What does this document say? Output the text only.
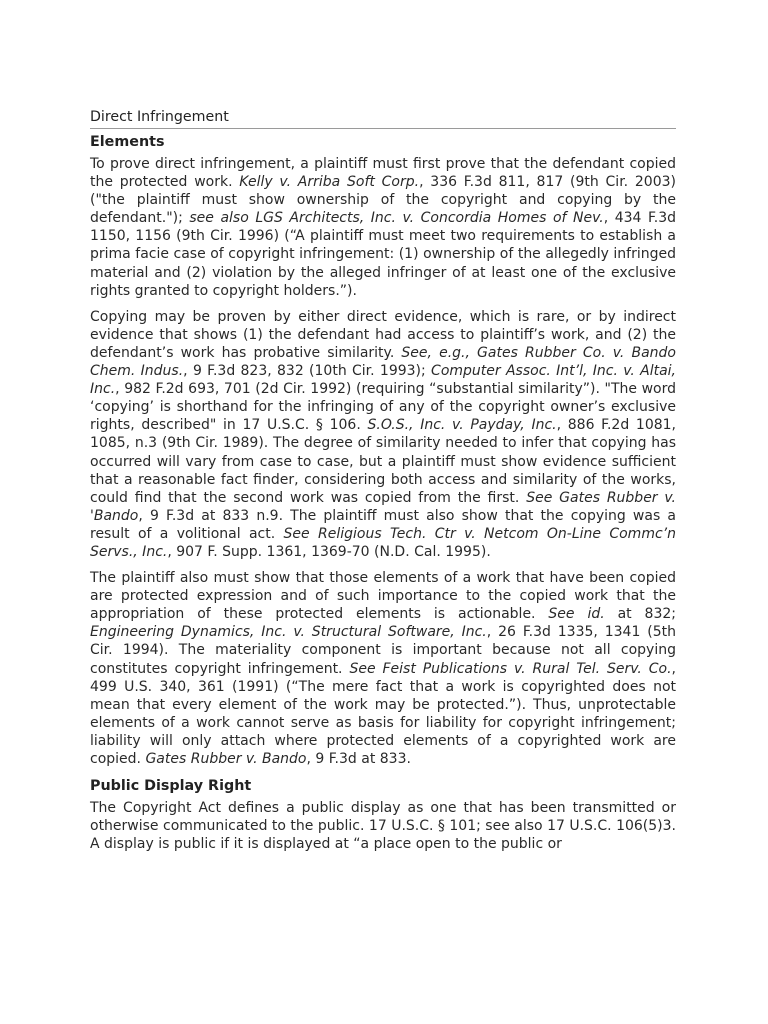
Direct Infringement
Elements

To prove direct infringement, a plaintiff must first prove that the defendant copied the protected work. Kelly v. Arriba Soft Corp., 336 F.3d 811, 817 (9th Cir. 2003) ("the plaintiff must show ownership of the copyright and copying by the defendant."); see also LGS Architects, Inc. v. Concordia Homes of Nev., 434 F.3d 1150, 1156 (9th Cir. 1996) (“A plaintiff must meet two requirements to establish a prima facie case of copyright infringement: (1) ownership of the allegedly infringed material and (2) violation by the alleged infringer of at least one of the exclusive rights granted to copyright holders.”).

Copying may be proven by either direct evidence, which is rare, or by indirect evidence that shows (1) the defendant had access to plaintiff’s work, and (2) the defendant’s work has probative similarity. See, e.g., Gates Rubber Co. v. Bando Chem. Indus., 9 F.3d 823, 832 (10th Cir. 1993); Computer Assoc. Int’l, Inc. v. Altai, Inc., 982 F.2d 693, 701 (2d Cir. 1992) (requiring “substantial similarity”). "The word ‘copying’ is shorthand for the infringing of any of the copyright owner’s exclusive rights, described" in 17 U.S.C. § 106. S.O.S., Inc. v. Payday, Inc., 886 F.2d 1081, 1085, n.3 (9th Cir. 1989). The degree of similarity needed to infer that copying has occurred will vary from case to case, but a plaintiff must show evidence sufficient that a reasonable fact finder, considering both access and similarity of the works, could find that the second work was copied from the first. See Gates Rubber v. 'Bando, 9 F.3d at 833 n.9. The plaintiff must also show that the copying was a result of a volitional act. See Religious Tech. Ctr v. Netcom On-Line Commc’n Servs., Inc., 907 F. Supp. 1361, 1369-70 (N.D. Cal. 1995).

The plaintiff also must show that those elements of a work that have been copied are protected expression and of such importance to the copied work that the appropriation of these protected elements is actionable. See id. at 832; Engineering Dynamics, Inc. v. Structural Software, Inc., 26 F.3d 1335, 1341 (5th Cir. 1994). The materiality component is important because not all copying constitutes copyright infringement. See Feist Publications v. Rural Tel. Serv. Co., 499 U.S. 340, 361 (1991) (“The mere fact that a work is copyrighted does not mean that every element of the work may be protected.”). Thus, unprotectable elements of a work cannot serve as basis for liability for copyright infringement; liability will only attach where protected elements of a copyrighted work are copied. Gates Rubber v. Bando, 9 F.3d at 833.

Public Display Right

The Copyright Act defines a public display as one that has been transmitted or otherwise communicated to the public. 17 U.S.C. § 101; see also 17 U.S.C. 106(5)3. A display is public if it is displayed at “a place open to the public or
